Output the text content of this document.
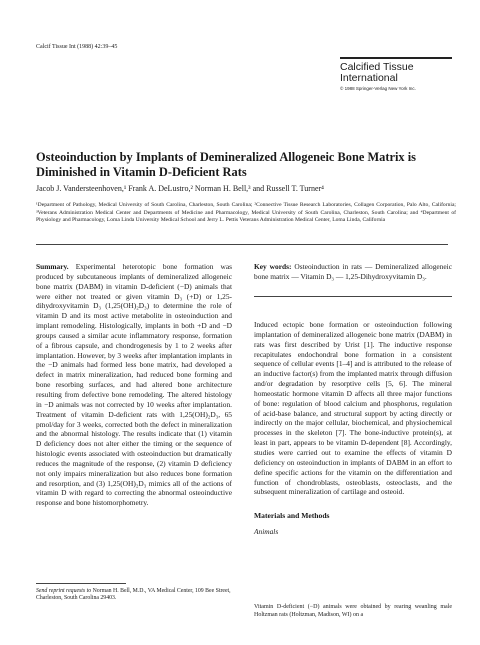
Calcif Tissue Int (1988) 42:39–45
Calcified Tissue
International
© 1988 Springer-Verlag New York Inc.
Osteoinduction by Implants of Demineralized Allogeneic Bone Matrix is Diminished in Vitamin D-Deficient Rats
Jacob J. Vandersteenhoven,¹ Frank A. DeLustro,² Norman H. Bell,³ and Russell T. Turner⁴
¹Department of Pathology, Medical University of South Carolina, Charleston, South Carolina; ²Connective Tissue Research Laboratories, Collagen Corporation, Palo Alto, California; ³Veterans Administration Medical Center and Departments of Medicine and Pharmacology, Medical University of South Carolina, Charleston, South Carolina; and ⁴Department of Physiology and Pharmacology, Loma Linda University Medical School and Jerry L. Pettis Veterans Administration Medical Center, Loma Linda, California
Summary. Experimental heterotopic bone formation was produced by subcutaneous implants of demineralized allogeneic bone matrix (DABM) in vitamin D-deficient (−D) animals that were either not treated or given vitamin D₃ (+D) or 1,25-dihydroxyvitamin D₃ (1,25(OH)₂D₃) to determine the role of vitamin D and its most active metabolite in osteoinduction and implant remodeling. Histologically, implants in both +D and −D groups caused a similar acute inflammatory response, formation of a fibrous capsule, and chondrogenesis by 1 to 2 weeks after implantation. However, by 3 weeks after implantation implants in the −D animals had formed less bone matrix, had developed a defect in matrix mineralization, had reduced bone forming and bone resorbing surfaces, and had altered bone architecture resulting from defective bone remodeling. The altered histology in −D animals was not corrected by 10 weeks after implantation. Treatment of vitamin D-deficient rats with 1,25(OH)₂D₃, 65 pmol/day for 3 weeks, corrected both the defect in mineralization and the abnormal histology. The results indicate that (1) vitamin D deficiency does not alter either the timing or the sequence of histologic events associated with osteoinduction but dramatically reduces the magnitude of the response, (2) vitamin D deficiency not only impairs mineralization but also reduces bone formation and resorption, and (3) 1,25(OH)₂D₃ mimics all of the actions of vitamin D with regard to correcting the abnormal osteoinductive response and bone histomorphometry.
Key words: Osteoinduction in rats — Demineralized allogeneic bone matrix — Vitamin D₃ — 1,25-Dihydroxyvitamin D₃.
Induced ectopic bone formation or osteoinduction following implantation of demineralized allogeneic bone matrix (DABM) in rats was first described by Urist [1]. The inductive response recapitulates endochondral bone formation in a consistent sequence of cellular events [1–4] and is attributed to the release of an inductive factor(s) from the implanted matrix through diffusion and/or degradation by resorptive cells [5, 6]. The mineral homeostatic hormone vitamin D affects all three major functions of bone: regulation of blood calcium and phosphorus, regulation of acid-base balance, and structural support by acting directly or indirectly on the major cellular, biochemical, and physiochemical processes in the skeleton [7]. The bone-inductive protein(s), at least in part, appears to be vitamin D-dependent [8]. Accordingly, studies were carried out to examine the effects of vitamin D deficiency on osteoinduction in implants of DABM in an effort to define specific actions for the vitamin on the differentiation and function of chondroblasts, osteoblasts, osteoclasts, and the subsequent mineralization of cartilage and osteoid.
Materials and Methods
Animals
Send reprint requests to Norman H. Bell, M.D., VA Medical Center, 109 Bee Street, Charleston, South Carolina 29403.
Vitamin D-deficient (−D) animals were obtained by rearing weanling male Holtzman rats (Holtzman, Madison, WI) on a
